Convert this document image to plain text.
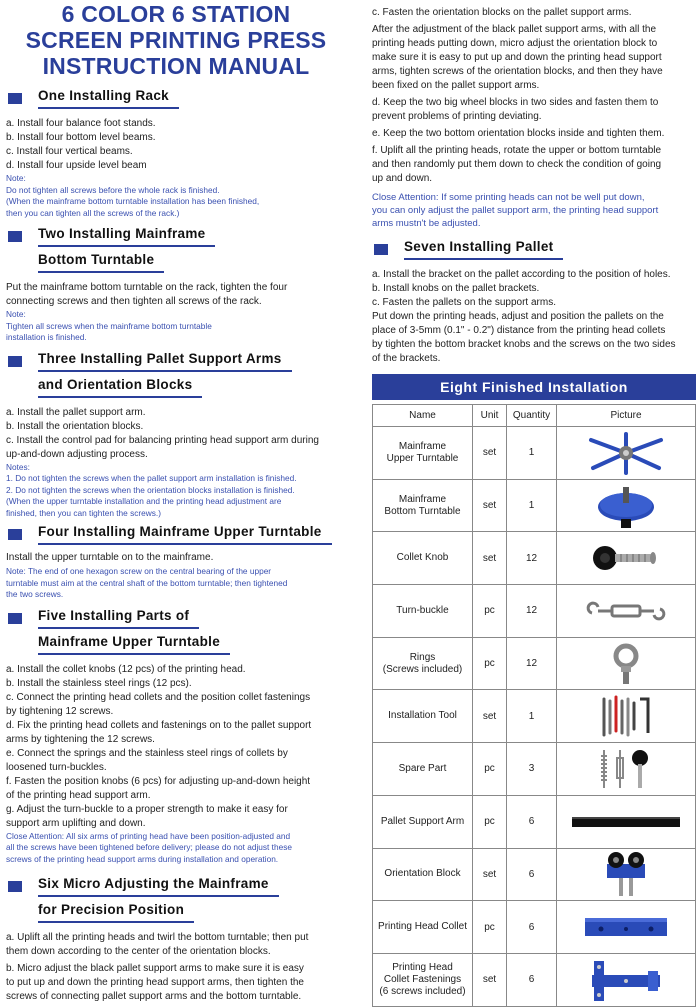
6 COLOR 6 STATION
SCREEN PRINTING PRESS
INSTRUCTION MANUAL
One Installing Rack
a. Install four balance foot stands.
b. Install four bottom level beams.
c. Install four vertical beams.
d. Install four upside level beam
Note:
Do not tighten all screws before the whole rack is finished.
(When the mainframe bottom turntable installation has been finished,
then you can tighten all the screws of the rack.)
Two Installing Mainframe
Bottom Turntable
Put the mainframe bottom turntable on the rack, tighten the four
connecting screws and then tighten all screws of the rack.
Note:
Tighten all screws when the mainframe bottom turntable
installation is finished.
Three Installing Pallet Support Arms
and Orientation Blocks
a. Install the pallet support arm.
b. Install the orientation blocks.
c. Install the control pad for balancing printing head support arm during
up-and-down adjusting process.
Notes:
1. Do not tighten the screws when the pallet support arm installation is finished.
2. Do not tighten the screws when the orientation blocks installation is finished.
(When the upper turntable installation and the printing head adjustment are
finished, then you can tighten the screws.)
Four Installing Mainframe Upper Turntable
Install the upper turntable on to the mainframe.
Note: The end of one hexagon screw on the central bearing of the upper
turntable must aim at the central shaft of the bottom turntable; then tightened
the two screws.
Five Installing Parts of
Mainframe Upper Turntable
a. Install the collet knobs (12 pcs) of the printing head.
b. Install the stainless steel rings (12 pcs).
c. Connect the printing head collets and the position collet fastenings
by tightening 12 screws.
d. Fix the printing head collets and fastenings on to the pallet support
arms by tightening the 12 screws.
e. Connect the springs and the stainless steel rings of collets by
loosened turn-buckles.
f. Fasten the position knobs (6 pcs) for adjusting up-and-down height
of the printing head support arm.
g. Adjust the turn-buckle to a proper strength to make it easy for
support arm uplifting and down.
Close Attention: All six arms of printing head have been position-adjusted and
all the screws have been tightened before delivery; please do not adjust these
screws of the printing head support arms during installation and operation.
Six Micro Adjusting the Mainframe
for Precision Position
a. Uplift all the printing heads and twirl the bottom turntable; then put
them down according to the center of the orientation blocks.
b. Micro adjust the black pallet support arms to make sure it is easy
to put up and down the printing head support arms, then tighten the
screws of connecting pallet support arms and the bottom turntable.
c. Fasten the orientation blocks on the pallet support arms.
After the adjustment of the black pallet support arms, with all the
printing heads putting down, micro adjust the orientation block to
make sure it is easy to put up and down the printing head support
arms, tighten screws of the orientation blocks, and then they have
been fixed on the pallet support arms.
d. Keep the two big wheel blocks in two sides and fasten them to
prevent problems of printing deviating.
e. Keep the two bottom orientation blocks inside and tighten them.
f. Uplift all the printing heads, rotate the upper or bottom turntable
and then randomly put them down to check the condition of going
up and down.
Close Attention: If some printing heads can not be well put down,
you can only adjust the pallet support arm, the printing head support
arms mustn't be adjusted.
Seven Installing Pallet
a. Install the bracket on the pallet according to the position of holes.
b. Install knobs on the pallet brackets.
c. Fasten the pallets on the support arms.
Put down the printing heads, adjust and position the pallets on the
place of 3-5mm (0.1" - 0.2") distance from the printing head collets
by tighten the bottom bracket knobs and the screws on the two sides
of the brackets.
Eight Finished Installation
Name	Unit	Quantity	Picture
Mainframe
Upper Turntable	set	1	

Mainframe
Bottom Turntable	set	1	

Collet Knob	set	12	

Turn-buckle	pc	12	

Rings
(Screws included)	pc	12	

Installation Tool	set	1	

Spare Part	pc	3	

Pallet Support Arm	pc	6	

Orientation Block	set	6	

Printing Head Collet	pc	6	

Printing Head
Collet Fastenings
(6 screws included)	set	6	
